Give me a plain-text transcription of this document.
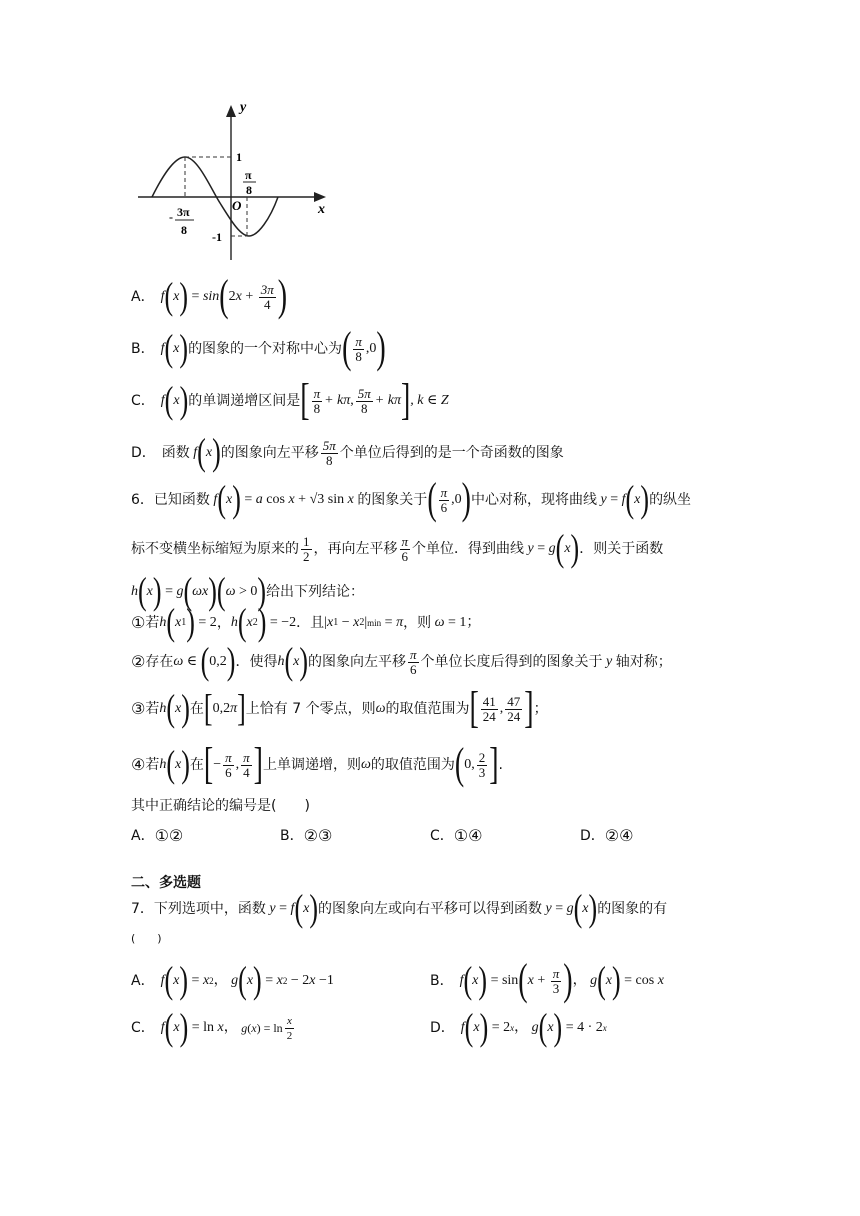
y
x
O
1
-1
π
8
- 3π
8
A． f ( x ) = sin ( 2 $x + \frac{3\pi}{4}$ )
B． f ( x ) 的图象的一个对称中心为 ( $\frac{\pi}{8} ,0$ )
C． f ( x ) 的单调递增区间是 [ $\frac{\pi}{8} + k\pi$ , $\frac{5\pi}{8} + k\pi$ ] , k ∈ Z
D． 函数 f ( x ) 的图象向左平移 $\frac{5\pi}{8}$ 个单位后得到的是一个奇函数的图象
6．已知函数 f ( x ) = a cos x + √3 sin x 的图象关于 ( $\frac{\pi}{6} ,0$ ) 中心对称，现将曲线 y = f ( x ) 的纵坐
标不变横坐标缩短为原来的 $\frac{1}{2}$ ，再向左平移 $\frac{\pi}{6}$ 个单位．得到曲线 y = g ( x ) ．则关于函数
h ( x ) = g ( ωx ) ( ω > 0 ) 给出下列结论：
① 若 h ( x 1 ) = 2 ， h ( x 2 ) = −2 ．且 | x 1 − x 2 | min = π ，则 ω = 1；
② 存在 ω ∈ ( 0,2 ) ．使得 h ( x ) 的图象向左平移 $\frac{\pi}{6}$ 个单位长度后得到的图象关于 y 轴对称；
③ 若 h ( x ) 在 [ 0,2 π ] 上恰有 7 个零点，则 ω 的取值范围为 [ $\frac{41}{24}$ , $\frac{47}{24}$ ] ；
④ 若 h ( x ) 在 [ − $\frac{\pi}{6}$ , $\frac{\pi}{4}$ ] 上单调递增，则 ω 的取值范围为 ( 0, $\frac{2}{3}$ ] .
其中正确结论的编号是(　　)
A． ①②	B． ②③	C． ①④	D． ②④
二、多选题
7．下列选项中，函数 y = f ( x ) 的图象向左或向右平移可以得到函数 y = g ( x ) 的图象的有
(　　)
A． f ( x ) = x 2 ， g ( x ) = x 2 − 2 x −1	B． f ( x ) = sin ( $x + \frac{\pi}{3}$ ) ， g ( x ) = cos x
C． f ( x ) = ln x ， g ( x ) = $\ln \frac{x}{2}$	D． f ( x ) = 2 x ， g ( x ) = 4 · 2 x
